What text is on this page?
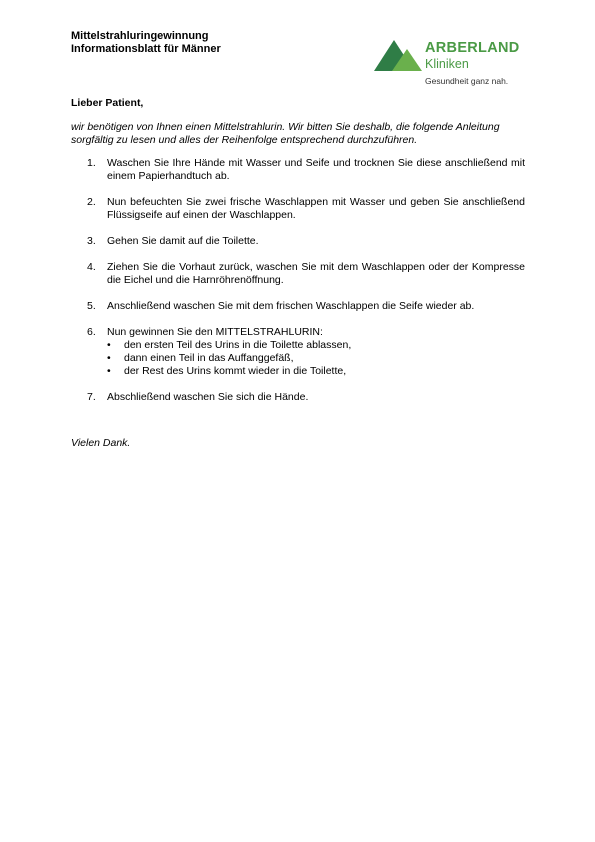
Mittelstrahluringewinnung
Informationsblatt für Männer	ARBERLAND
Kliniken
Gesundheit ganz nah.
Lieber Patient,
wir benötigen von Ihnen einen Mittelstrahlurin. Wir bitten Sie deshalb, die folgende Anleitung sorgfältig zu lesen und alles der Reihenfolge entsprechend durchzuführen.
1. Waschen Sie Ihre Hände mit Wasser und Seife und trocknen Sie diese anschließend mit einem Papierhandtuch ab.
2. Nun befeuchten Sie zwei frische Waschlappen mit Wasser und geben Sie anschließend Flüssigseife auf einen der Waschlappen.
3. Gehen Sie damit auf die Toilette.
4. Ziehen Sie die Vorhaut zurück, waschen Sie mit dem Waschlappen oder der Kompresse die Eichel und die Harnröhrenöffnung.
5. Anschließend waschen Sie mit dem frischen Waschlappen die Seife wieder ab.
6. Nun gewinnen Sie den MITTELSTRAHLURIN:
• den ersten Teil des Urins in die Toilette ablassen,
• dann einen Teil in das Auffanggefäß,
• der Rest des Urins kommt wieder in die Toilette,
7. Abschließend waschen Sie sich die Hände.
Vielen Dank.
